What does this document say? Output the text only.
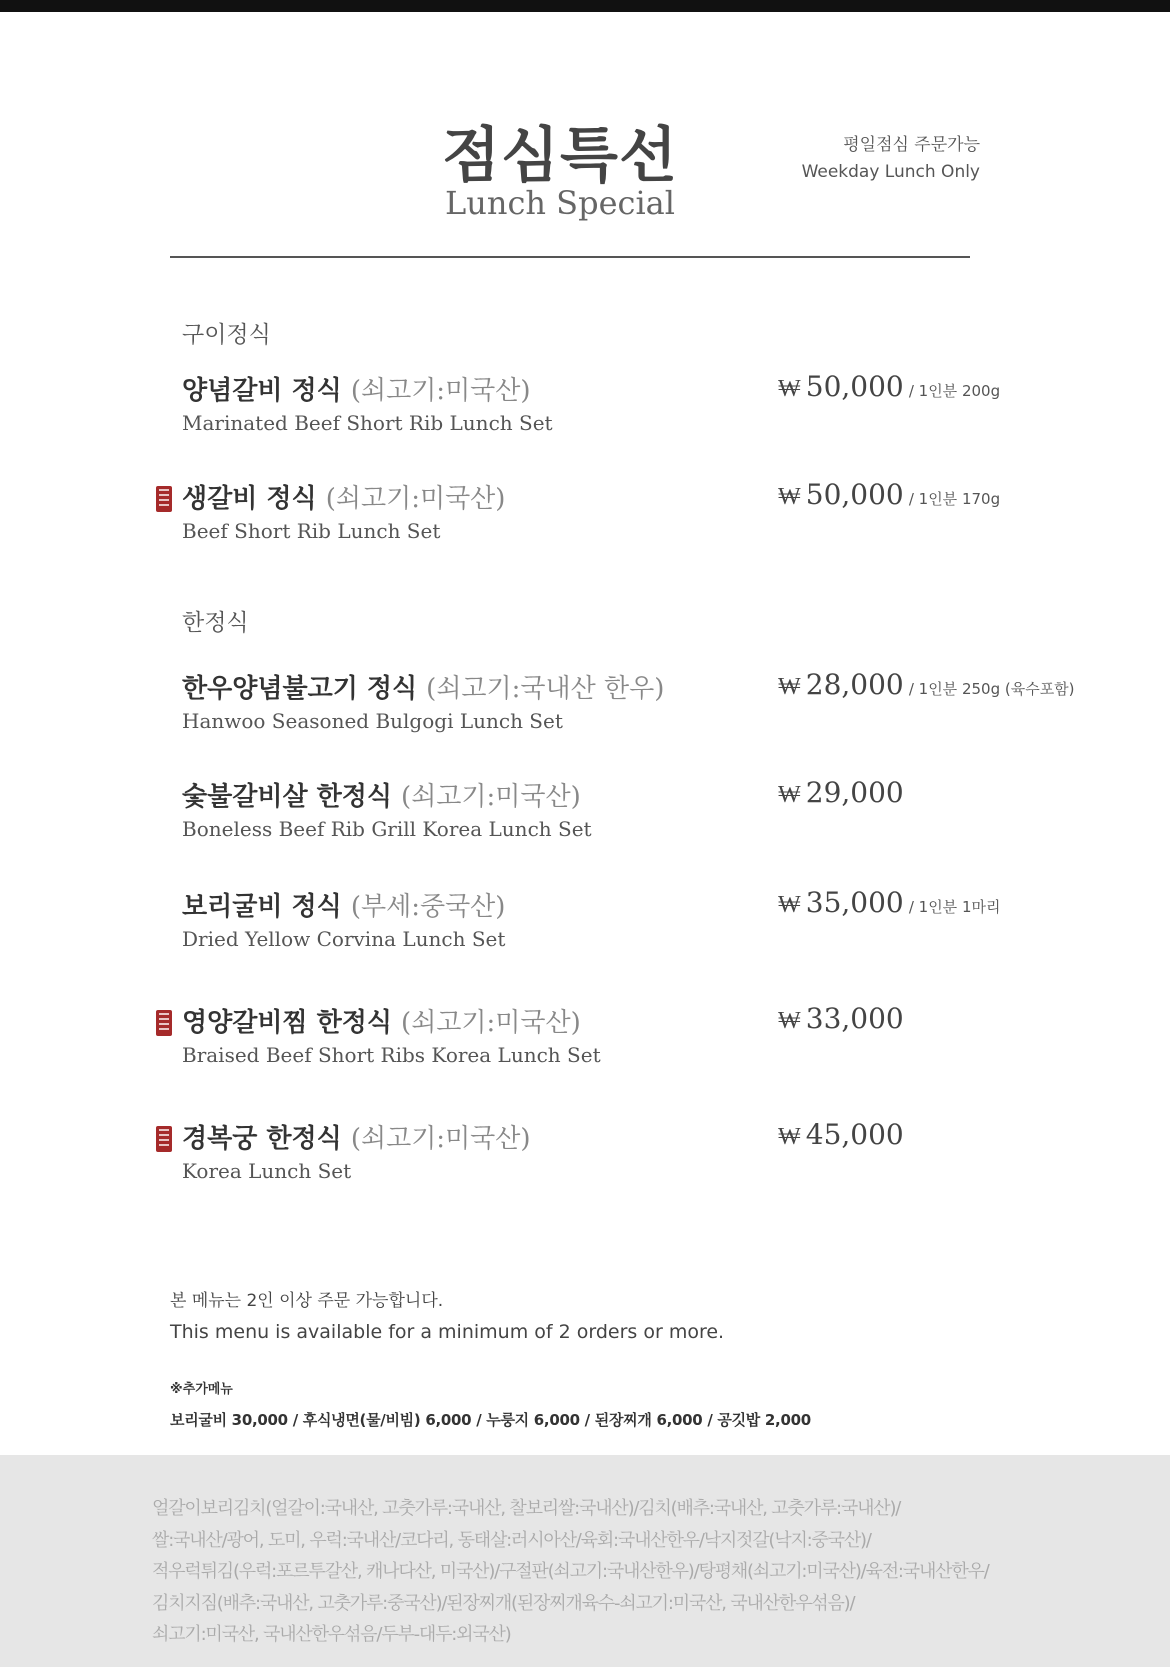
점심특선
Lunch Special
평일점심 주문가능
Weekday Lunch Only
구이정식
양념갈비 정식 (쇠고기:미국산)
Marinated Beef Short Rib Lunch Set
₩ 50,000 / 1인분 200g
생갈비 정식 (쇠고기:미국산)
Beef Short Rib Lunch Set
₩ 50,000 / 1인분 170g
한정식
한우양념불고기 정식 (쇠고기:국내산 한우)
Hanwoo Seasoned Bulgogi Lunch Set
₩ 28,000 / 1인분 250g (육수포함)
숯불갈비살 한정식 (쇠고기:미국산)
Boneless Beef Rib Grill Korea Lunch Set
₩ 29,000
보리굴비 정식 (부세:중국산)
Dried Yellow Corvina Lunch Set
₩ 35,000 / 1인분 1마리
영양갈비찜 한정식 (쇠고기:미국산)
Braised Beef Short Ribs Korea Lunch Set
₩ 33,000
경복궁 한정식 (쇠고기:미국산)
Korea Lunch Set
₩ 45,000
본 메뉴는 2인 이상 주문 가능합니다.
This menu is available for a minimum of 2 orders or more.
※추가메뉴
보리굴비 30,000 / 후식냉면(물/비빔) 6,000 / 누룽지 6,000 / 된장찌개 6,000 / 공깃밥 2,000
얼갈이보리김치(얼갈이:국내산, 고춧가루:국내산, 찰보리쌀:국내산)/김치(배추:국내산, 고춧가루:국내산)/
쌀:국내산/광어, 도미, 우럭:국내산/코다리, 동태살:러시아산/육회:국내산한우/낙지젓갈(낙지:중국산)/
적우럭튀김(우럭:포르투갈산, 캐나다산, 미국산)/구절판(쇠고기:국내산한우)/탕평채(쇠고기:미국산)/육전:국내산한우/
김치지짐(배추:국내산, 고춧가루:중국산)/된장찌개(된장찌개육수-쇠고기:미국산, 국내산한우섞음)/
쇠고기:미국산, 국내산한우섞음/두부-대두:외국산)
